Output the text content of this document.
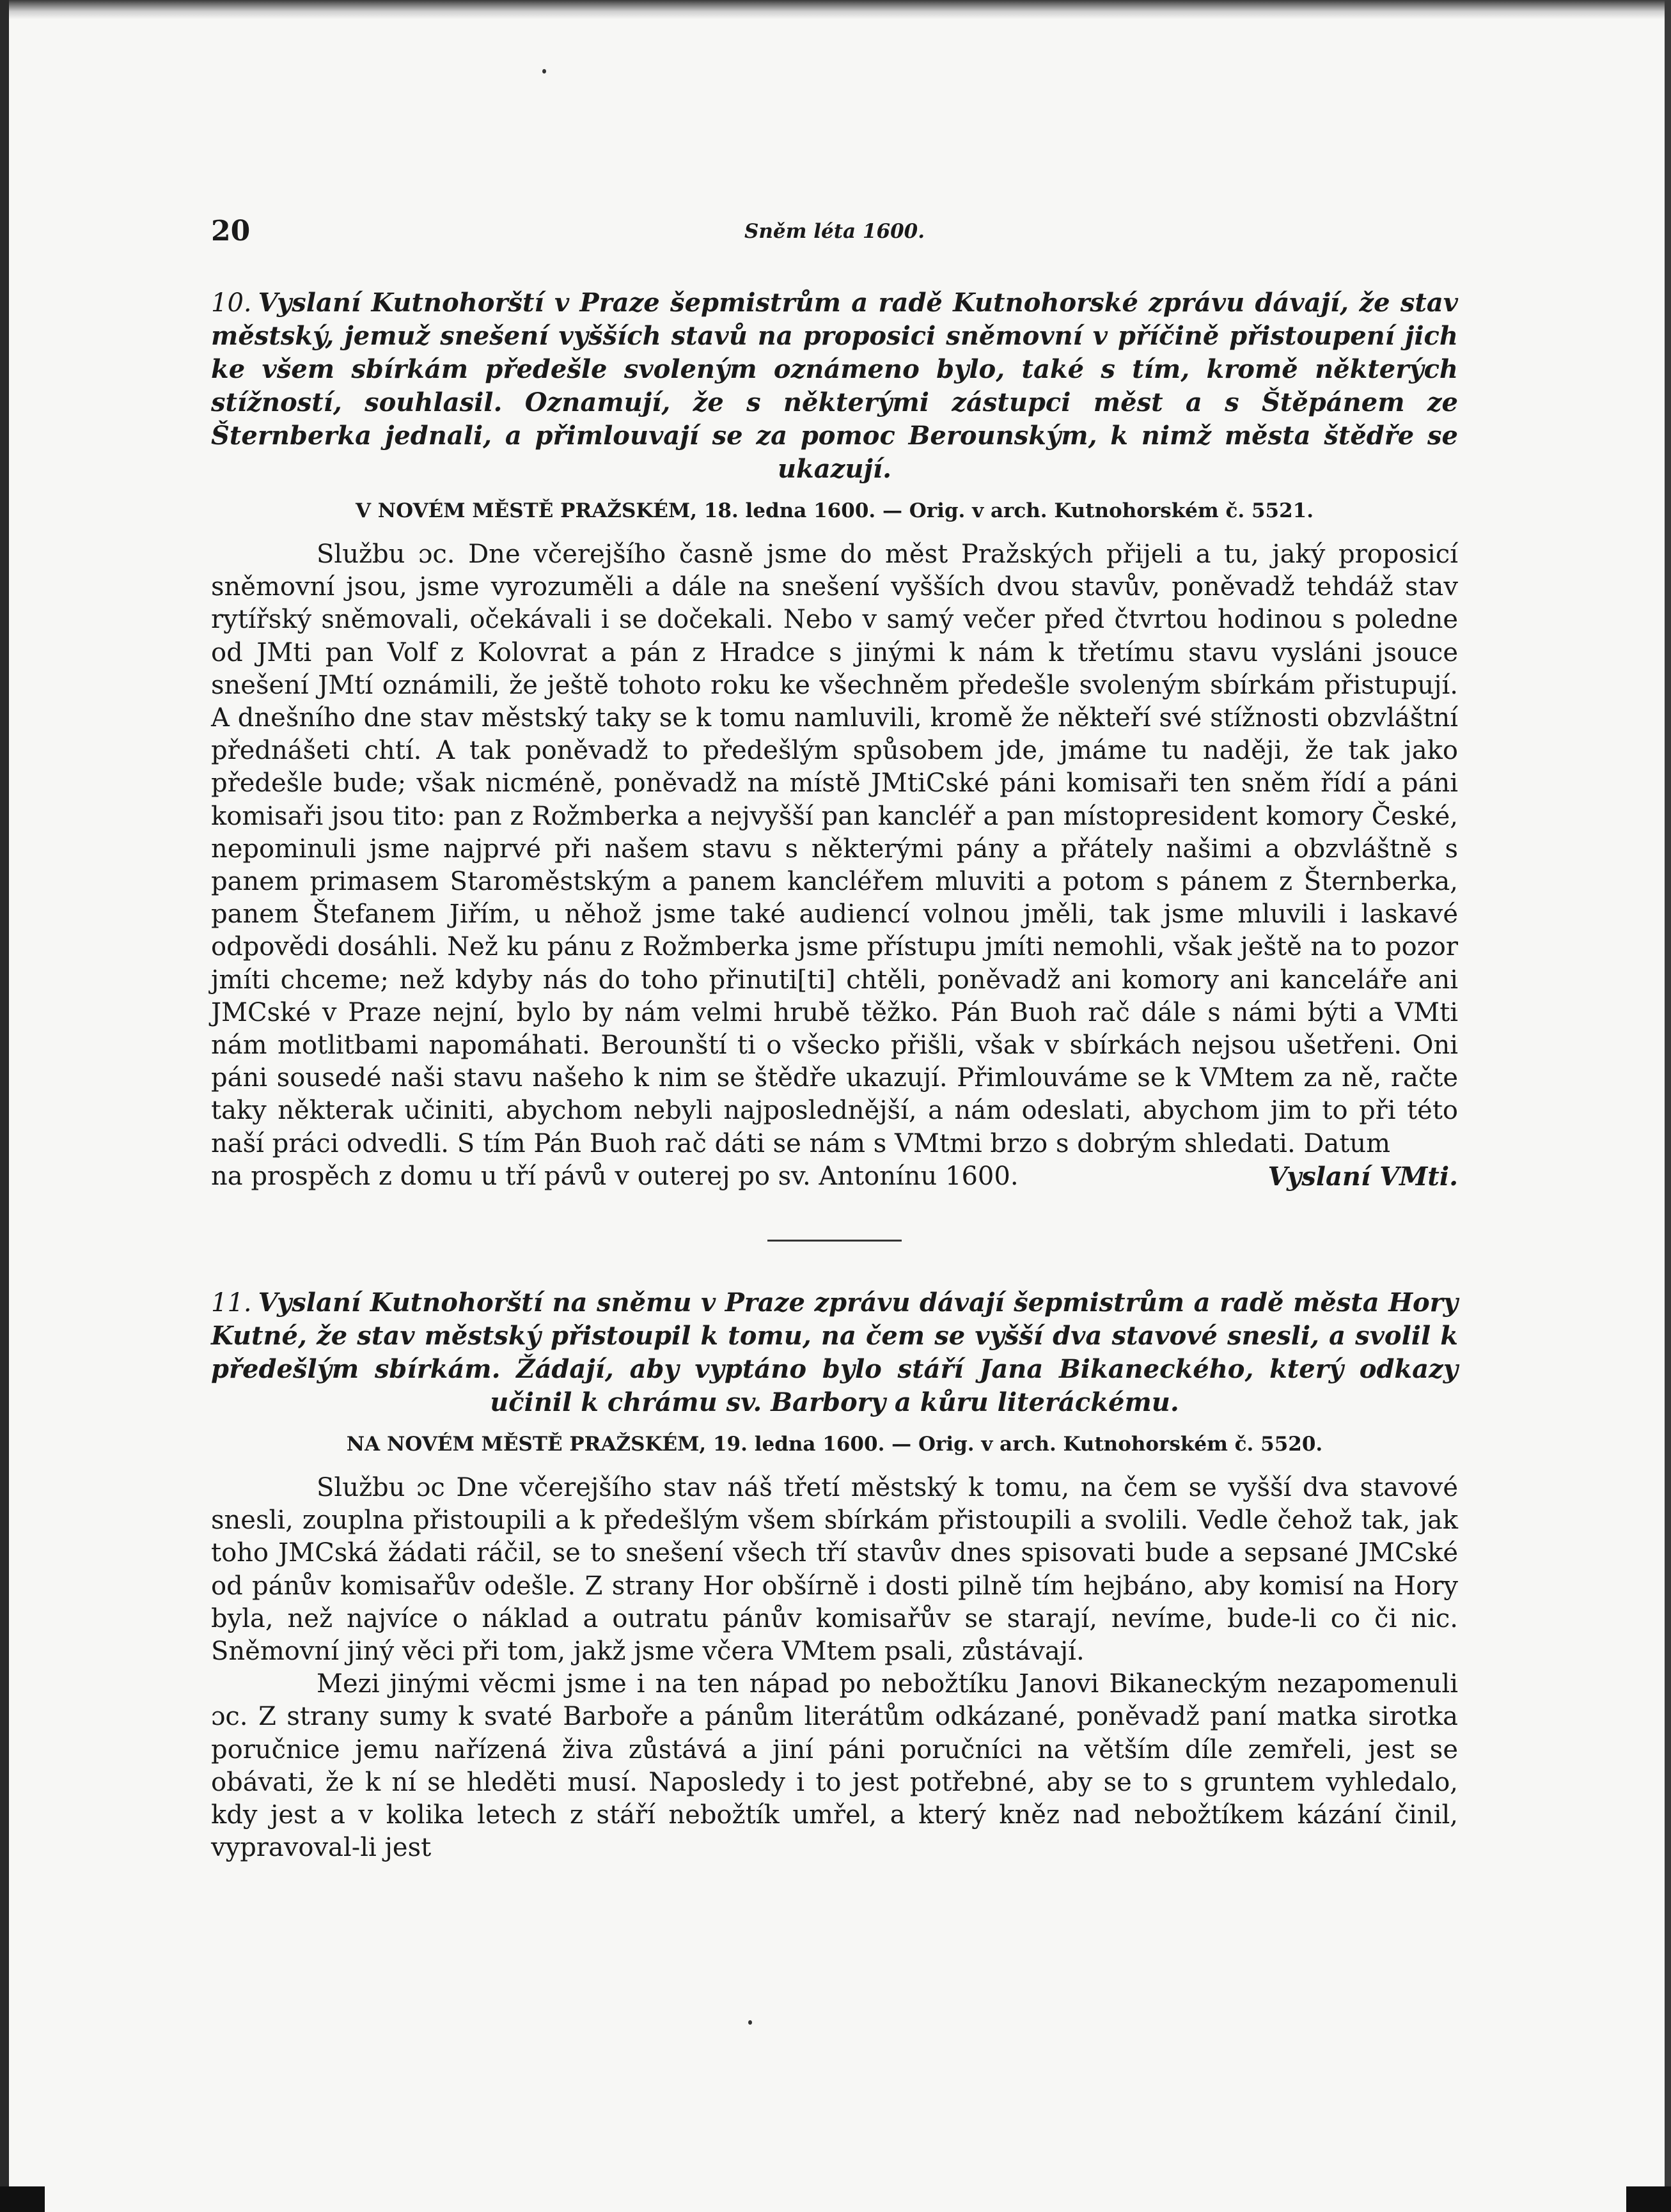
20	Sněm léta 1600.

10. Vyslaní Kutnohorští v Praze šepmistrům a radě Kutnohorské zprávu dávají, že stav městský, jemuž snešení vyšších stavů na proposici sněmovní v příčině přistoupení jich ke všem sbírkám předešle svoleným oznámeno bylo, také s tím, kromě některých stížností, souhlasil. Oznamují, že s některými zástupci měst a s Štěpánem ze Šternberka jednali, a přimlouvají se za pomoc Berounským, k nimž města štědře se ukazují.

V NOVÉM MĚSTĚ PRAŽSKÉM, 18. ledna 1600. — Orig. v arch. Kutnohorském č. 5521.

Službu ɔc. Dne včerejšího časně jsme do měst Pražských přijeli a tu, jaký proposicí sněmovní jsou, jsme vyrozuměli a dále na snešení vyšších dvou stavův, poněvadž tehdáž stav rytířský sněmovali, očekávali i se dočekali. Nebo v samý večer před čtvrtou hodinou s poledne od JMti pan Volf z Kolovrat a pán z Hradce s jinými k nám k třetímu stavu vysláni jsouce snešení JMtí oznámili, že ještě tohoto roku ke všechněm předešle svoleným sbírkám přistupují. A dnešního dne stav městský taky se k tomu namluvili, kromě že někteří své stížnosti obzvláštní přednášeti chtí. A tak poněvadž to předešlým spůsobem jde, jmáme tu naději, že tak jako předešle bude; však nicméně, poněvadž na místě JMtiCské páni komisaři ten sněm řídí a páni komisaři jsou tito: pan z Rožmberka a nejvyšší pan kancléř a pan místopresident komory České, nepominuli jsme najprvé při našem stavu s některými pány a přátely našimi a obzvláštně s panem primasem Staroměstským a panem kancléřem mluviti a potom s pánem z Šternberka, panem Štefanem Jiřím, u něhož jsme také audiencí volnou jměli, tak jsme mluvili i laskavé odpovědi dosáhli. Než ku pánu z Rožmberka jsme přístupu jmíti nemohli, však ještě na to pozor jmíti chceme; než kdyby nás do toho přinuti[ti] chtěli, poněvadž ani komory ani kanceláře ani JMCské v Praze nejní, bylo by nám velmi hrubě těžko. Pán Buoh rač dále s námi býti a VMti nám motlitbami napomáhati. Berounští ti o všecko přišli, však v sbírkách nejsou ušetřeni. Oni páni sousedé naši stavu našeho k nim se štědře ukazují. Přimlouváme se k VMtem za ně, račte taky některak učiniti, abychom nebyli najposlednější, a nám odeslati, abychom jim to při této naší práci odvedli. S tím Pán Buoh rač dáti se nám s VMtmi brzo s dobrým shledati. Datum

na prospěch z domu u tří pávů v outerej po sv. Antonínu 1600.	Vyslaní VMti.

11. Vyslaní Kutnohorští na sněmu v Praze zprávu dávají šepmistrům a radě města Hory Kutné, že stav městský přistoupil k tomu, na čem se vyšší dva stavové snesli, a svolil k předešlým sbírkám. Žádají, aby vyptáno bylo stáří Jana Bikaneckého, který odkazy učinil k chrámu sv. Barbory a kůru literáckému.

NA NOVÉM MĚSTĚ PRAŽSKÉM, 19. ledna 1600. — Orig. v arch. Kutnohorském č. 5520.

Službu ɔc Dne včerejšího stav náš třetí městský k tomu, na čem se vyšší dva stavové snesli, zouplna přistoupili a k předešlým všem sbírkám přistoupili a svolili. Vedle čehož tak, jak toho JMCská žádati ráčil, se to snešení všech tří stavův dnes spisovati bude a sepsané JMCské od pánův komisařův odešle. Z strany Hor obšírně i dosti pilně tím hejbáno, aby komisí na Hory byla, než najvíce o náklad a outratu pánův komisařův se starají, nevíme, bude-li co či nic. Sněmovní jiný věci při tom, jakž jsme včera VMtem psali, zůstávají.

Mezi jinými věcmi jsme i na ten nápad po nebožtíku Janovi Bikaneckým nezapomenuli ɔc. Z strany sumy k svaté Barboře a pánům literátům odkázané, poněvadž paní matka sirotka poručnice jemu nařízená živa zůstává a jiní páni poručníci na větším díle zemřeli, jest se obávati, že k ní se hleděti musí. Naposledy i to jest potřebné, aby se to s gruntem vyhledalo, kdy jest a v kolika letech z stáří nebožtík umřel, a který kněz nad nebožtíkem kázání činil, vypravoval-li jest
